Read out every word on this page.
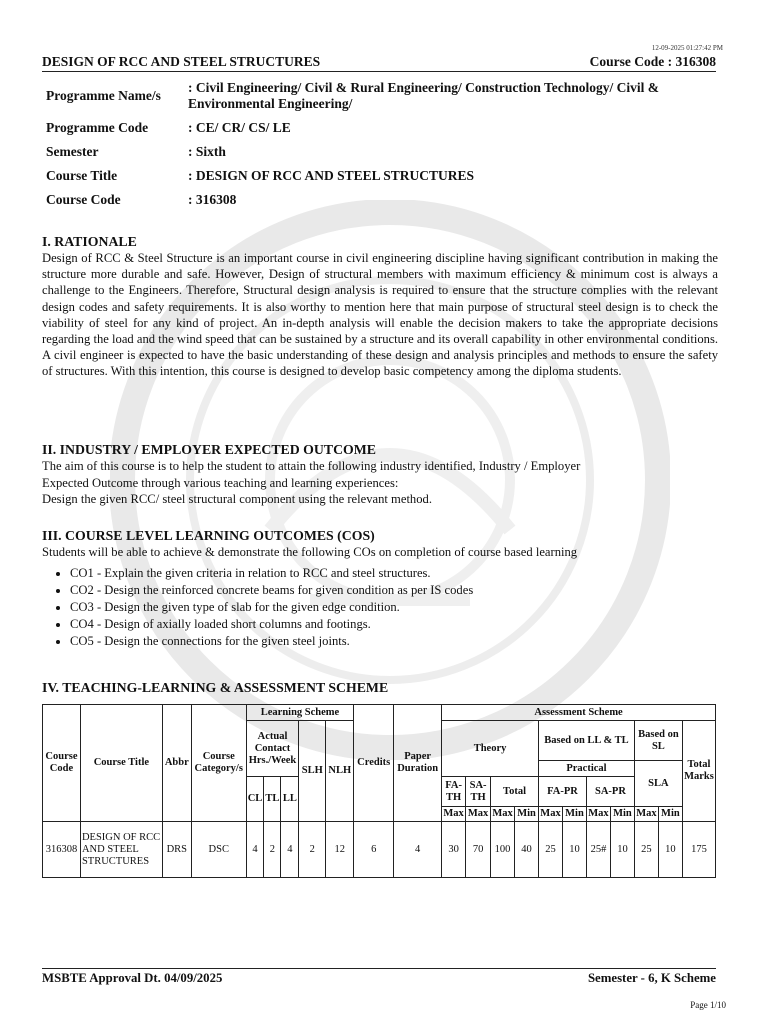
12-09-2025 01:27:42 PM
DESIGN OF RCC AND STEEL STRUCTURES	Course Code : 316308
Programme Name/s
: Civil Engineering/ Civil & Rural Engineering/ Construction Technology/ Civil & Environmental Engineering/
Programme Code	: CE/ CR/ CS/ LE
Semester	: Sixth
Course Title	: DESIGN OF RCC AND STEEL STRUCTURES
Course Code	: 316308
I. RATIONALE

Design of RCC & Steel Structure is an important course in civil engineering discipline having significant contribution in making the structure more durable and safe. However, Design of structural members with maximum efficiency & minimum cost is always a challenge to the Engineers. Therefore, Structural design analysis is required to ensure that the structure complies with the relevant design codes and safety requirements. It is also worthy to mention here that main purpose of structural steel design is to check the viability of steel for any kind of project. An in-depth analysis will enable the decision makers to take the appropriate decisions regarding the load and the wind speed that can be sustained by a structure and its overall capability in other environmental conditions. A civil engineer is expected to have the basic understanding of these design and analysis principles and methods to ensure the safety of structures. With this intention, this course is designed to develop basic competency among the diploma students.

II. INDUSTRY / EMPLOYER EXPECTED OUTCOME

The aim of this course is to help the student to attain the following industry identified, Industry / Employer

Expected Outcome through various teaching and learning experiences:

Design the given RCC/ steel structural component using the relevant method.

III. COURSE LEVEL LEARNING OUTCOMES (COS)

Students will be able to achieve & demonstrate the following COs on completion of course based learning

• CO1 - Explain the given criteria in relation to RCC and steel structures.
• CO2 - Design the reinforced concrete beams for given condition as per IS codes
• CO3 - Design the given type of slab for the given edge condition.
• CO4 - Design of axially loaded short columns and footings.
• CO5 - Design the connections for the given steel joints.
IV. TEACHING-LEARNING & ASSESSMENT SCHEME
Course Code	Course Title	Abbr	Course Category/s	Learning Scheme					Credits	Paper Duration	Assessment Scheme										
				Actual Contact Hrs./Week			SLH	NLH			Theory				Based on LL & TL				Based on SL		Total Marks
															Practical				SLA		
				CL	TL	LL					FA-TH	SA-TH	Total		FA-PR		SA-PR				
											Max	Max	Max	Min	Max	Min	Max	Min	Max	Min	
316308	DESIGN OF RCC AND STEEL STRUCTURES	DRS	DSC	4	2	4	2	12	6	4	30	70	100	40	25	10	25#	10	25	10	175
MSBTE Approval Dt. 04/09/2025	Semester - 6, K Scheme
Page 1/10
